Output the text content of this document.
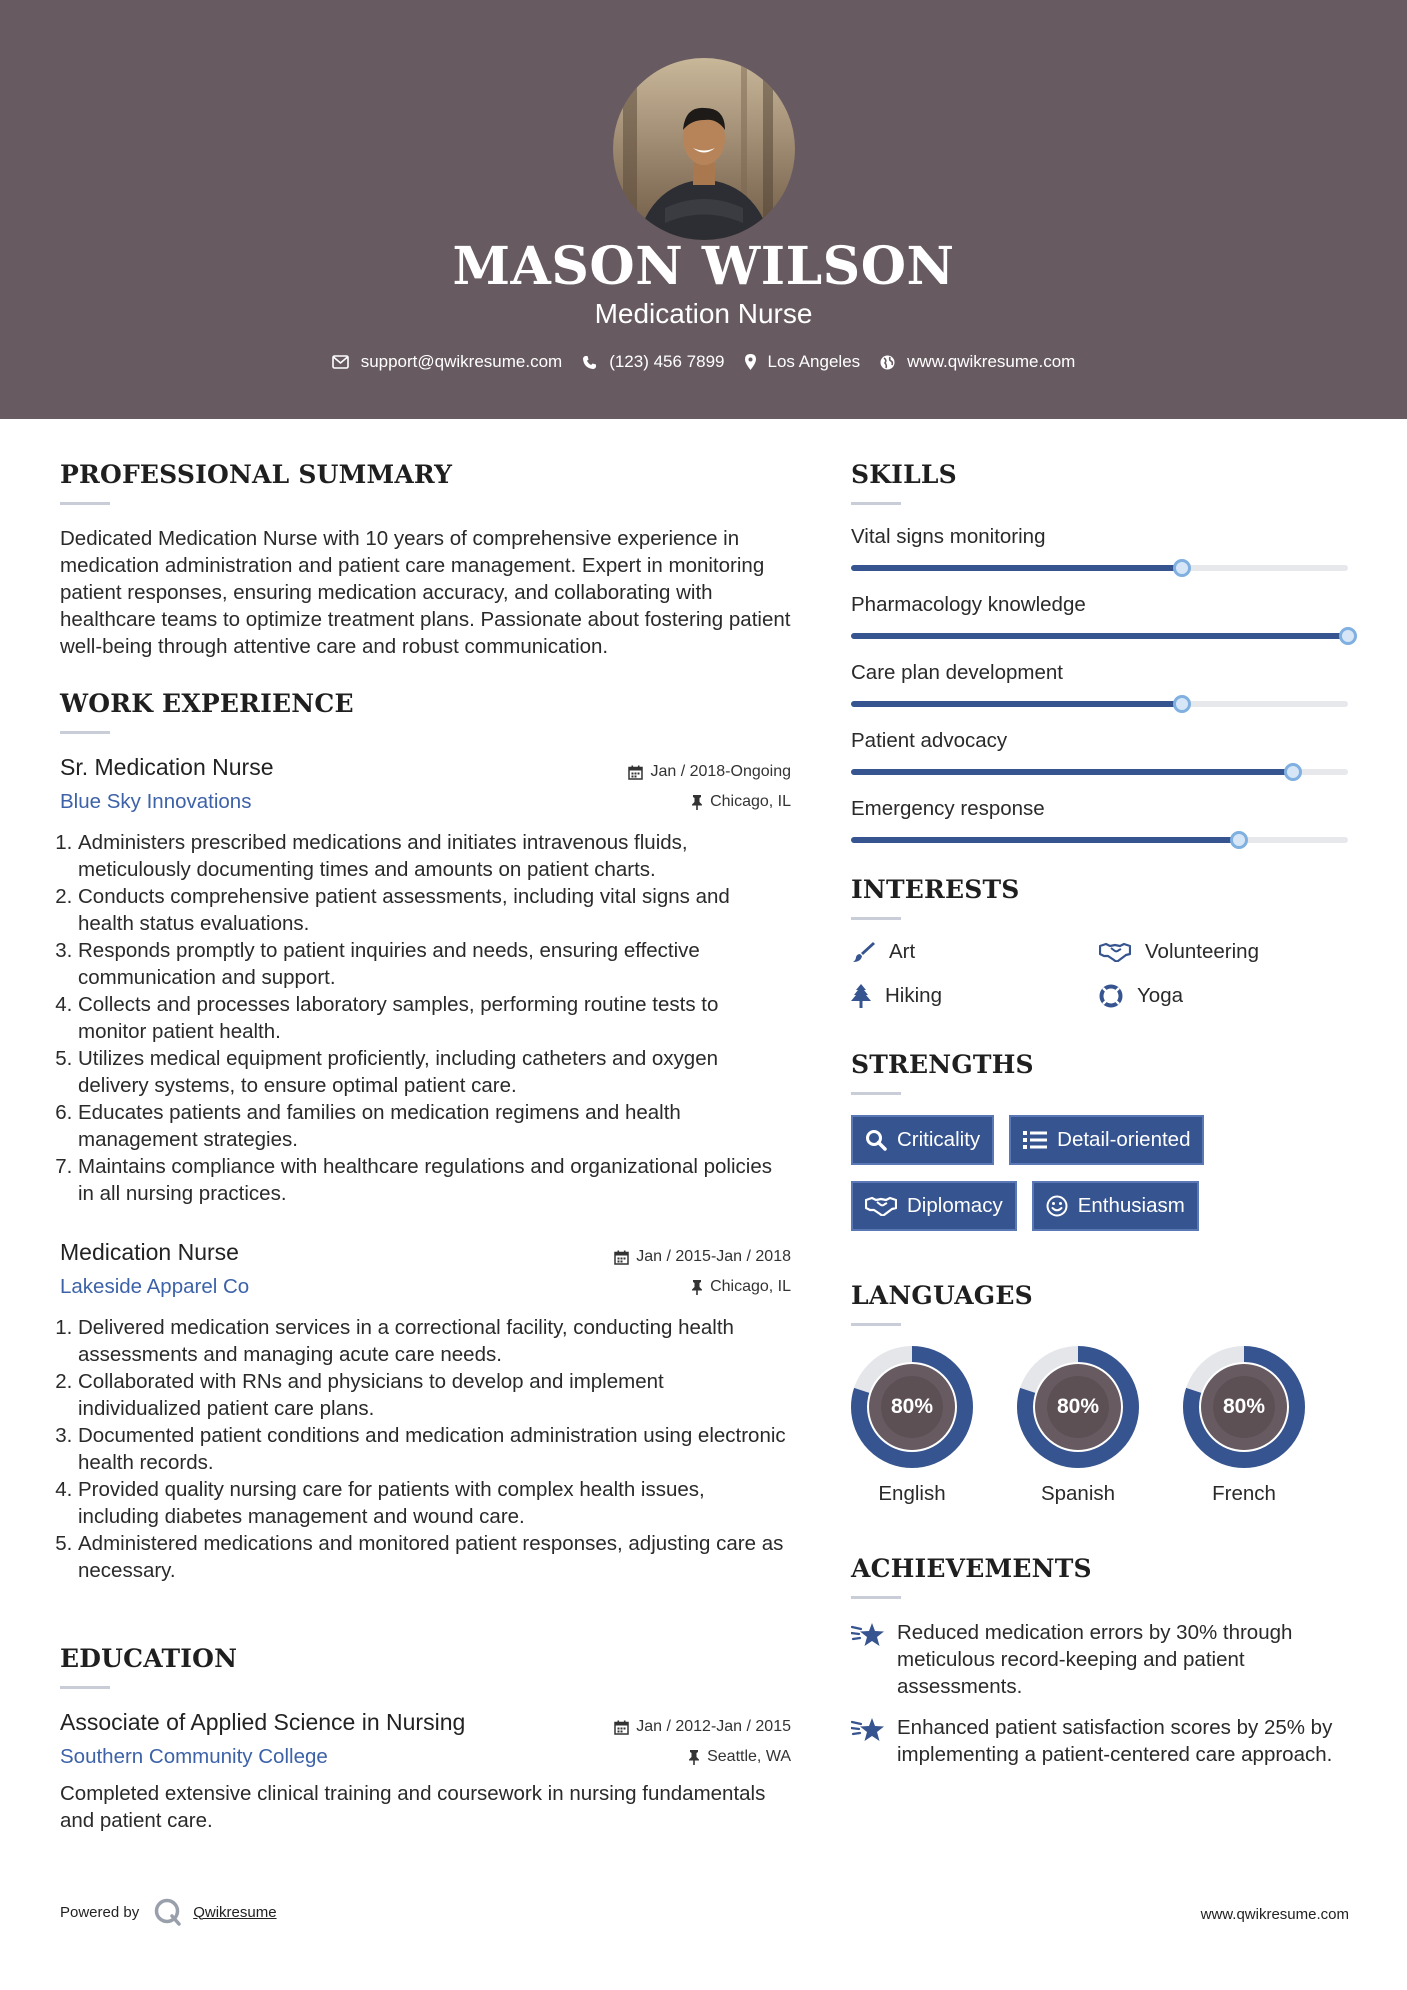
MASON WILSON
Medication Nurse
support@qwikresume.com	(123) 456 7899	Los Angeles	www.qwikresume.com
PROFESSIONAL SUMMARY
Dedicated Medication Nurse with 10 years of comprehensive experience in medication administration and patient care management. Expert in monitoring patient responses, ensuring medication accuracy, and collaborating with healthcare teams to optimize treatment plans. Passionate about fostering patient well-being through attentive care and robust communication.
WORK EXPERIENCE
Sr. Medication Nurse	Jan / 2018-Ongoing
Blue Sky Innovations	Chicago, IL
1. Administers prescribed medications and initiates intravenous fluids, meticulously documenting times and amounts on patient charts.
2. Conducts comprehensive patient assessments, including vital signs and health status evaluations.
3. Responds promptly to patient inquiries and needs, ensuring effective communication and support.
4. Collects and processes laboratory samples, performing routine tests to monitor patient health.
5. Utilizes medical equipment proficiently, including catheters and oxygen delivery systems, to ensure optimal patient care.
6. Educates patients and families on medication regimens and health management strategies.
7. Maintains compliance with healthcare regulations and organizational policies in all nursing practices.
Medication Nurse	Jan / 2015-Jan / 2018
Lakeside Apparel Co	Chicago, IL
1. Delivered medication services in a correctional facility, conducting health assessments and managing acute care needs.
2. Collaborated with RNs and physicians to develop and implement individualized patient care plans.
3. Documented patient conditions and medication administration using electronic health records.
4. Provided quality nursing care for patients with complex health issues, including diabetes management and wound care.
5. Administered medications and monitored patient responses, adjusting care as necessary.
EDUCATION
Associate of Applied Science in Nursing	Jan / 2012-Jan / 2015
Southern Community College	Seattle, WA
Completed extensive clinical training and coursework in nursing fundamentals and patient care.
SKILLS
Vital signs monitoring
Pharmacology knowledge
Care plan development
Patient advocacy
Emergency response
INTERESTS
Art	Volunteering
Hiking	Yoga
STRENGTHS
Criticality	Detail-oriented
Diplomacy	Enthusiasm
LANGUAGES
80%
English
80%
Spanish
80%
French
ACHIEVEMENTS
Reduced medication errors by 30% through meticulous record-keeping and patient assessments.
Enhanced patient satisfaction scores by 25% by implementing a patient-centered care approach.
Powered by	Qwikresume	www.qwikresume.com
